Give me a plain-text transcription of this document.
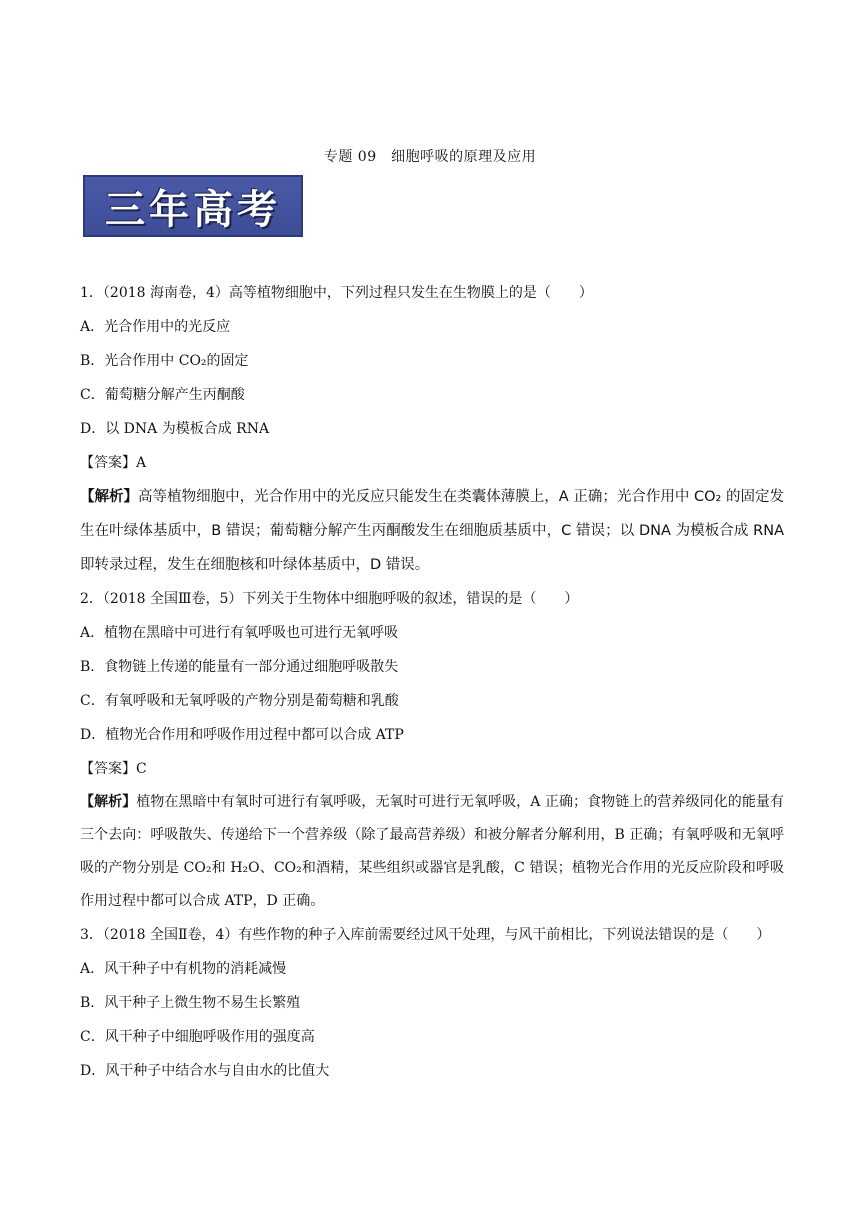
专题 09　细胞呼吸的原理及应用
三年高考
1．（2018 海南卷，4）高等植物细胞中，下列过程只发生在生物膜上的是（　　）
A．光合作用中的光反应
B．光合作用中 CO₂的固定
C．葡萄糖分解产生丙酮酸
D．以 DNA 为模板合成 RNA
【答案】A
【解析】高等植物细胞中，光合作用中的光反应只能发生在类囊体薄膜上，A 正确；光合作用中 CO₂ 的固定发生在叶绿体基质中，B 错误；葡萄糖分解产生丙酮酸发生在细胞质基质中，C 错误；以 DNA 为模板合成 RNA 即转录过程，发生在细胞核和叶绿体基质中，D 错误。
2．（2018 全国Ⅲ卷，5）下列关于生物体中细胞呼吸的叙述，错误的是（　　）
A．植物在黑暗中可进行有氧呼吸也可进行无氧呼吸
B．食物链上传递的能量有一部分通过细胞呼吸散失
C．有氧呼吸和无氧呼吸的产物分别是葡萄糖和乳酸
D．植物光合作用和呼吸作用过程中都可以合成 ATP
【答案】C
【解析】植物在黑暗中有氧时可进行有氧呼吸，无氧时可进行无氧呼吸，A 正确；食物链上的营养级同化的能量有三个去向：呼吸散失、传递给下一个营养级（除了最高营养级）和被分解者分解利用，B 正确；有氧呼吸和无氧呼吸的产物分别是 CO₂和 H₂O、CO₂和酒精，某些组织或器官是乳酸，C 错误；植物光合作用的光反应阶段和呼吸作用过程中都可以合成 ATP，D 正确。
3．（2018 全国Ⅱ卷，4）有些作物的种子入库前需要经过风干处理，与风干前相比，下列说法错误的是（　　）
A．风干种子中有机物的消耗减慢
B．风干种子上微生物不易生长繁殖
C．风干种子中细胞呼吸作用的强度高
D．风干种子中结合水与自由水的比值大
